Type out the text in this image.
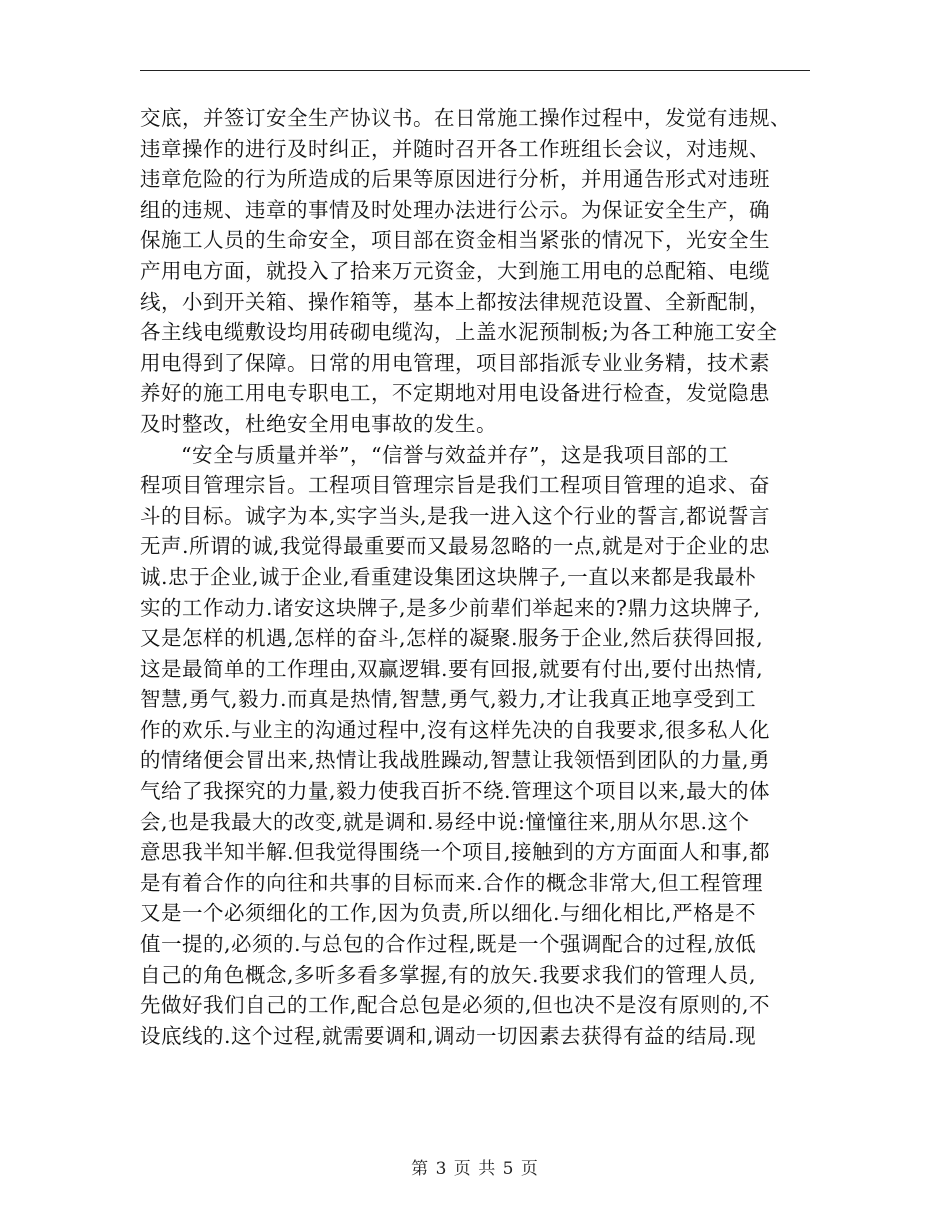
交底，并签订安全生产协议书。在日常施工操作过程中，发觉有违规、
违章操作的进行及时纠正，并随时召开各工作班组长会议，对违规、
违章危险的行为所造成的后果等原因进行分析，并用通告形式对违班
组的违规、违章的事情及时处理办法进行公示。为保证安全生产，确
保施工人员的生命安全，项目部在资金相当紧张的情况下，光安全生
产用电方面，就投入了拾来万元资金，大到施工用电的总配箱、电缆
线，小到开关箱、操作箱等，基本上都按法律规范设置、全新配制，
各主线电缆敷设均用砖砌电缆沟，上盖水泥预制板;为各工种施工安全
用电得到了保障。日常的用电管理，项目部指派专业业务精，技术素
养好的施工用电专职电工，不定期地对用电设备进行检查，发觉隐患
及时整改，杜绝安全用电事故的发生。
“安全与质量并举”，“信誉与效益并存”，这是我项目部的工
程项目管理宗旨。工程项目管理宗旨是我们工程项目管理的追求、奋
斗的目标。诚字为本,实字当头,是我一进入这个行业的誓言,都说誓言
无声.所谓的诚,我觉得最重要而又最易忽略的一点,就是对于企业的忠
诚.忠于企业,诚于企业,看重建设集团这块牌子,一直以来都是我最朴
实的工作动力.诸安这块牌子,是多少前辈们举起来的?鼎力这块牌子,
又是怎样的机遇,怎样的奋斗,怎样的凝聚.服务于企业,然后获得回报,
这是最简单的工作理由,双赢逻辑.要有回报,就要有付出,要付出热情,
智慧,勇气,毅力.而真是热情,智慧,勇气,毅力,才让我真正地享受到工
作的欢乐.与业主的沟通过程中,沒有这样先决的自我要求,很多私人化
的情绪便会冒出来,热情让我战胜躁动,智慧让我领悟到团队的力量,勇
气给了我探究的力量,毅力使我百折不绕.管理这个项目以来,最大的体
会,也是我最大的改变,就是调和.易经中说:憧憧往来,朋从尔思.这个
意思我半知半解.但我觉得围绕一个项目,接触到的方方面面人和事,都
是有着合作的向往和共事的目标而来.合作的概念非常大,但工程管理
又是一个必须细化的工作,因为负责,所以细化.与细化相比,严格是不
值一提的,必须的.与总包的合作过程,既是一个强调配合的过程,放低
自己的角色概念,多听多看多掌握,有的放矢.我要求我们的管理人员,
先做好我们自己的工作,配合总包是必须的,但也决不是沒有原则的,不
设底线的.这个过程,就需要调和,调动一切因素去获得有益的结局.现
第 3 页 共 5 页
